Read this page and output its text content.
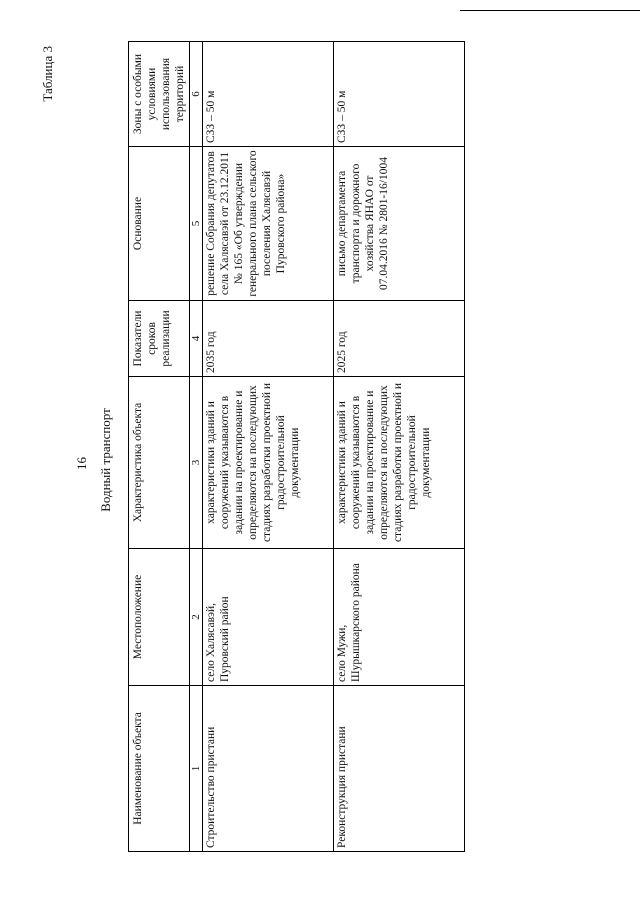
16
Таблица 3
Водный транспорт
Наименование объекта	Местоположение	Характеристика объекта	Показатели сроков реализации	Основание	Зоны с особыми условиями использования территорий
1	2	3	4	5	6
Строительство пристани	село Халясавэй, Пуровский район	характеристики зданий и сооружений указываются в задании на проектирование и определяются на последующих стадиях разработки проектной и градостроительной документации	2035 год	решение Собрания депутатов села Халясавэй от 23.12.2011 № 165 «Об утверждении генерального плана сельского поселения Халясавэй Пуровского района»	СЗЗ – 50 м
Реконструкция пристани	село Мужи, Шурышкарского района	характеристики зданий и сооружений указываются в задании на проектирование и определяются на последующих стадиях разработки проектной и градостроительной документации	2025 год	письмо департамента транспорта и дорожного хозяйства ЯНАО от 07.04.2016 № 2801-16/1004	СЗЗ – 50 м
